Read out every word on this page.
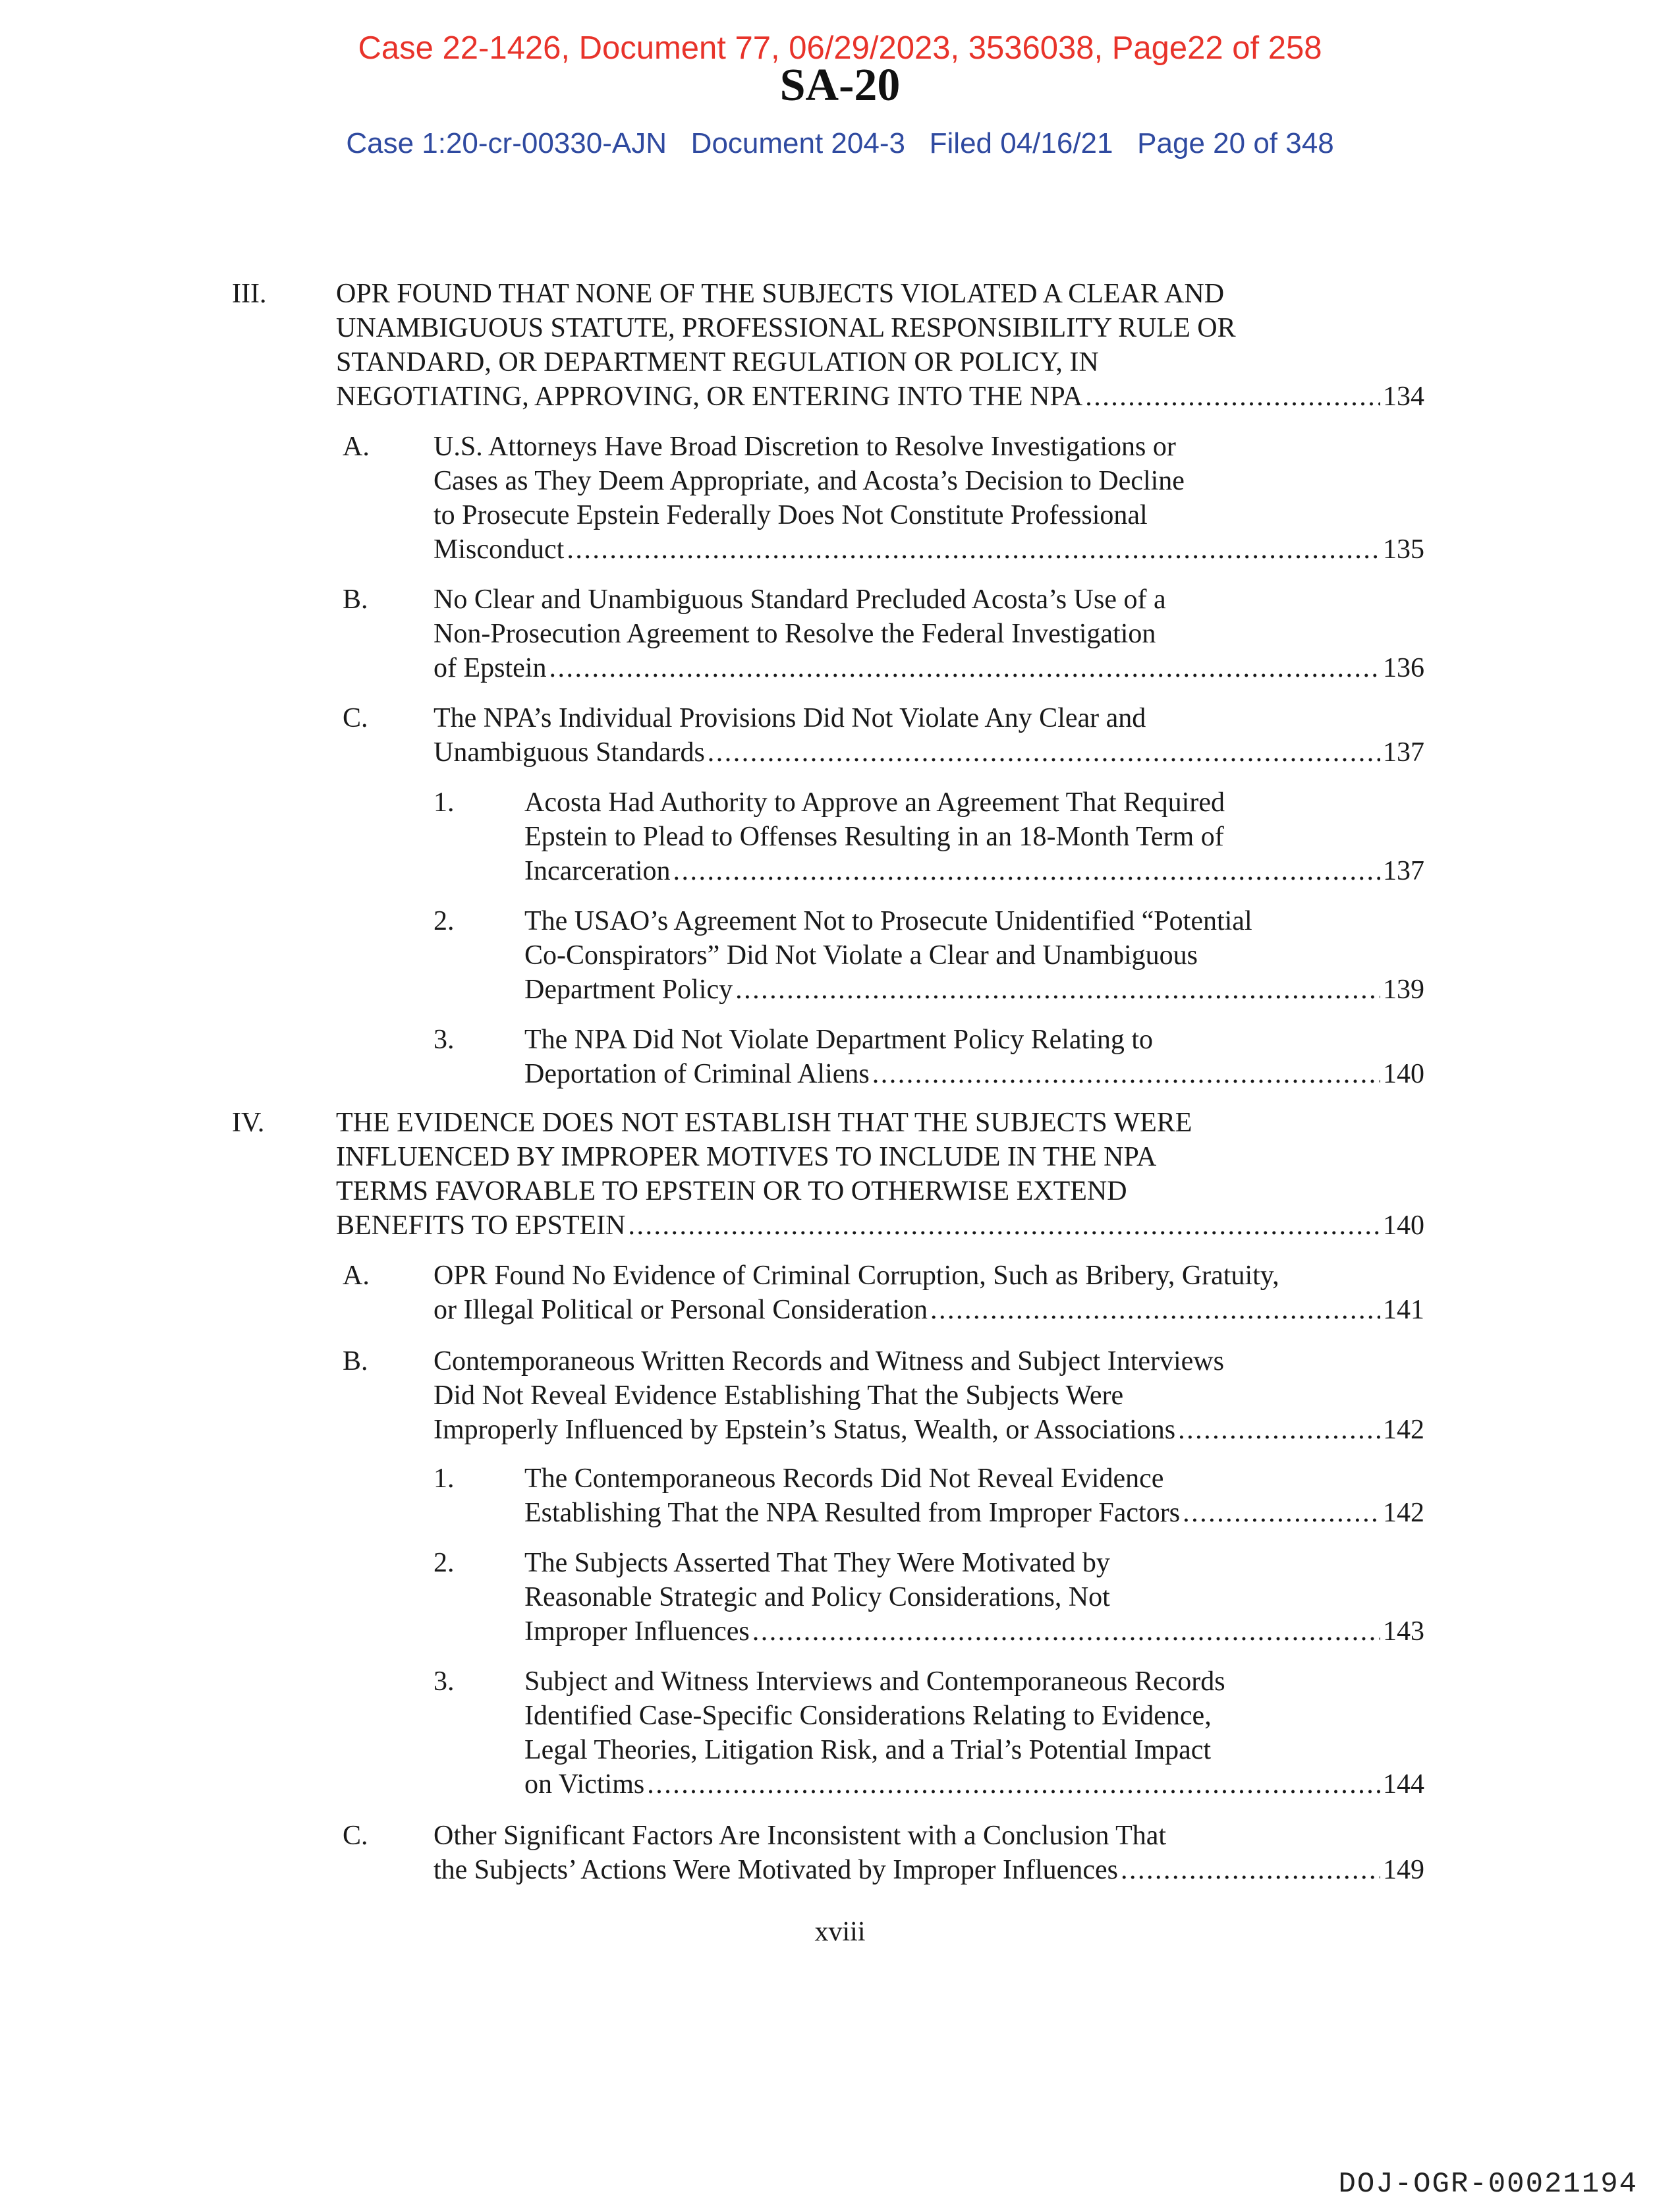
Case 22-1426, Document 77, 06/29/2023, 3536038, Page22 of 258
SA-20
Case 1:20-cr-00330-AJN   Document 204-3   Filed 04/16/21   Page 20 of 348
III.	OPR FOUND THAT NONE OF THE SUBJECTS VIOLATED A CLEAR AND
UNAMBIGUOUS STATUTE, PROFESSIONAL RESPONSIBILITY RULE OR
STANDARD, OR DEPARTMENT REGULATION OR POLICY, IN
NEGOTIATING, APPROVING, OR ENTERING INTO THE NPA . . .	134
A. U.S. Attorneys Have Broad Discretion to Resolve Investigations or
Cases as They Deem Appropriate, and Acosta’s Decision to Decline
to Prosecute Epstein Federally Does Not Constitute Professional
Misconduct . . .	135
B. No Clear and Unambiguous Standard Precluded Acosta’s Use of a
Non-Prosecution Agreement to Resolve the Federal Investigation
of Epstein . . .	136
C. The NPA’s Individual Provisions Did Not Violate Any Clear and
Unambiguous Standards . . .	137
1.	Acosta Had Authority to Approve an Agreement That Required
Epstein to Plead to Offenses Resulting in an 18-Month Term of
Incarceration . . .	137
2.	The USAO’s Agreement Not to Prosecute Unidentified “Potential
Co-Conspirators” Did Not Violate a Clear and Unambiguous
Department Policy . . .	139
3.	The NPA Did Not Violate Department Policy Relating to
Deportation of Criminal Aliens . . .	140
IV.	THE EVIDENCE DOES NOT ESTABLISH THAT THE SUBJECTS WERE
INFLUENCED BY IMPROPER MOTIVES TO INCLUDE IN THE NPA
TERMS FAVORABLE TO EPSTEIN OR TO OTHERWISE EXTEND
BENEFITS TO EPSTEIN . . .	140
A. OPR Found No Evidence of Criminal Corruption, Such as Bribery, Gratuity,
or Illegal Political or Personal Consideration . . .	141
B. Contemporaneous Written Records and Witness and Subject Interviews
Did Not Reveal Evidence Establishing That the Subjects Were
Improperly Influenced by Epstein’s Status, Wealth, or Associations . . .	142
1.	The Contemporaneous Records Did Not Reveal Evidence
Establishing That the NPA Resulted from Improper Factors . . .	142
2.	The Subjects Asserted That They Were Motivated by
Reasonable Strategic and Policy Considerations, Not
Improper Influences . . .	143
3.	Subject and Witness Interviews and Contemporaneous Records
Identified Case-Specific Considerations Relating to Evidence,
Legal Theories, Litigation Risk, and a Trial’s Potential Impact
on Victims . . .	144
C. Other Significant Factors Are Inconsistent with a Conclusion That
the Subjects’ Actions Were Motivated by Improper Influences . . .	149
xviii
DOJ-OGR-00021194
